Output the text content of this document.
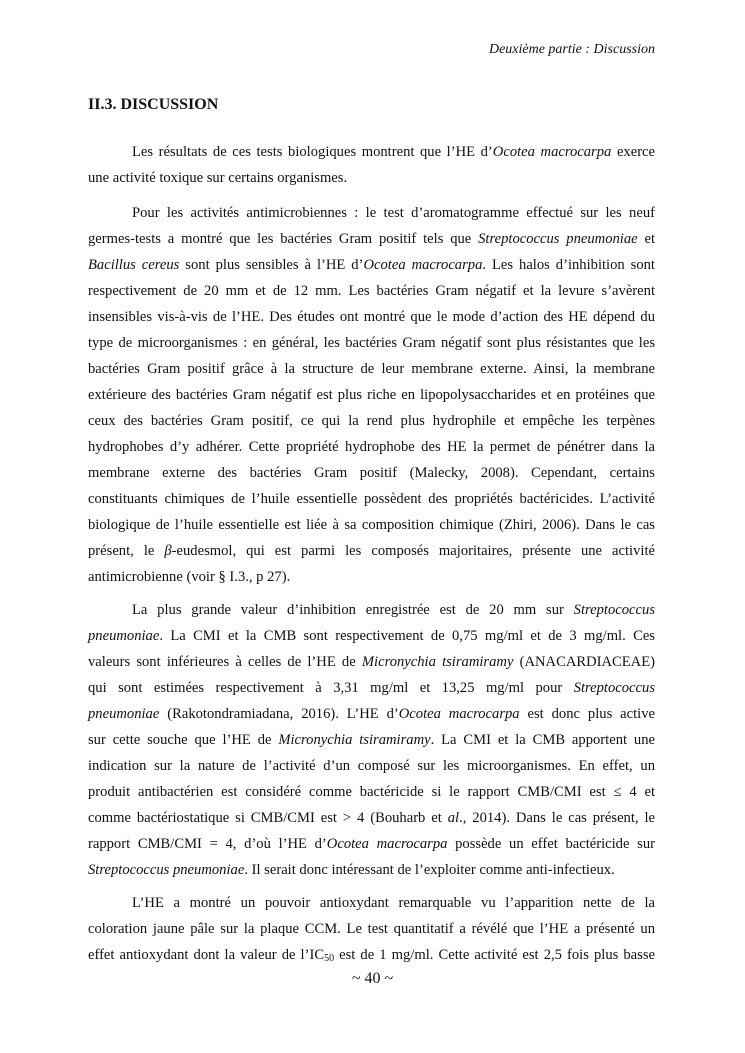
Deuxième partie : Discussion
II.3. DISCUSSION
Les résultats de ces tests biologiques montrent que l’HE d’Ocotea macrocarpa exerce
une activité toxique sur certains organismes.
Pour les activités antimicrobiennes : le test d’aromatogramme effectué sur les neuf
germes-tests a montré que les bactéries Gram positif tels que Streptococcus pneumoniae et
Bacillus cereus sont plus sensibles à l’HE d’Ocotea macrocarpa. Les halos d’inhibition sont
respectivement de 20 mm et de 12 mm. Les bactéries Gram négatif et la levure s’avèrent
insensibles vis-à-vis de l’HE. Des études ont montré que le mode d’action des HE dépend du
type de microorganismes : en général, les bactéries Gram négatif sont plus résistantes que les
bactéries Gram positif grâce à la structure de leur membrane externe. Ainsi, la membrane
extérieure des bactéries Gram négatif est plus riche en lipopolysaccharides et en protéines que
ceux des bactéries Gram positif, ce qui la rend plus hydrophile et empêche les terpènes
hydrophobes d’y adhérer. Cette propriété hydrophobe des HE la permet de pénétrer dans la
membrane externe des bactéries Gram positif (Malecky, 2008). Cependant, certains
constituants chimiques de l’huile essentielle possèdent des propriétés bactéricides. L’activité
biologique de l’huile essentielle est liée à sa composition chimique (Zhiri, 2006). Dans le cas
présent, le β-eudesmol, qui est parmi les composés majoritaires, présente une activité
antimicrobienne (voir § I.3., p 27).
La plus grande valeur d’inhibition enregistrée est de 20 mm sur Streptococcus
pneumoniae. La CMI et la CMB sont respectivement de 0,75 mg/ml et de 3 mg/ml. Ces
valeurs sont inférieures à celles de l’HE de Micronychia tsiramiramy (ANACARDIACEAE)
qui sont estimées respectivement à 3,31 mg/ml et 13,25 mg/ml pour Streptococcus
pneumoniae (Rakotondramiadana, 2016). L’HE d’Ocotea macrocarpa est donc plus active
sur cette souche que l’HE de Micronychia tsiramiramy. La CMI et la CMB apportent une
indication sur la nature de l’activité d’un composé sur les microorganismes. En effet, un
produit antibactérien est considéré comme bactéricide si le rapport CMB/CMI est ≤ 4 et
comme bactériostatique si CMB/CMI est > 4 (Bouharb et al., 2014). Dans le cas présent, le
rapport CMB/CMI = 4, d’où l’HE d’Ocotea macrocarpa possède un effet bactéricide sur
Streptococcus pneumoniae. Il serait donc intéressant de l’exploiter comme anti-infectieux.
L’HE a montré un pouvoir antioxydant remarquable vu l’apparition nette de la
coloration jaune pâle sur la plaque CCM. Le test quantitatif a révélé que l’HE a présenté un
effet antioxydant dont la valeur de $l’IC_{50}$ est de 1 mg/ml. Cette activité est 2,5 fois plus basse
~ 40 ~
